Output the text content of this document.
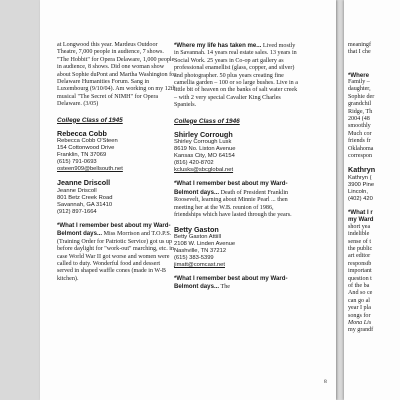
at Longwood this year. Mardeus Outdoor Theatre, 7,000 people in audience, 7 shows. "The Hobbit" for Opera Delaware, 1,000 people in audience, 8 shows. Did one woman show about Sophie duPont and Martha Washington for Delaware Humanities Forum. Sang in Luxembourg (9/10/04). Am working on my 12th musical "The Secret of NIMH" for Opera Delaware. (3/05)

College Class of 1945
Rebecca Cobb
Rebecca Cobb O'Steen
154 Cottonwood Drive
Franklin, TN 37069
(615) 791-0693
osteen909@bellsouth.net
Jeanne Driscoll
Jeanne Driscoll
801 Betz Creek Road
Savannah, GA 31410
(912) 897-1664

*What I remember best about my Ward-Belmont days... Miss Morrison and T.O.P.S. (Training Order for Patriotic Service) got us up before daylight for "work-out" marching, etc. in case World War II got worse and women were called to duty. Wonderful food and dessert served in shaped waffle cones (made in W-B kitchen).

*Where my life has taken me... Lived mostly in Savannah. 14 years real estate sales. 13 years in Social Work. 25 years in Co-op art gallery as professional enamellist (glass, copper, and silver) and photographer. 50 plus years creating fine camellia garden – 100 or so large bushes. Live in a little bit of heaven on the banks of salt water creek – with 2 very special Cavalier King Charles Spaniels.

College Class of 1946
Shirley Corrough
Shirley Corrough Lusk
8619 No. Liston Avenue
Kansas City, MO 64154
(816) 420-8702
kclusks@sbcglobal.net

*What I remember best about my Ward-Belmont days... Death of President Franklin Roosevelt, learning about Minnie Pearl ... then meeting her at the W.B. reunion of 1986, friendships which have lasted through the years.

Betty Gaston
Betty Gaston Attiill
2108 W. Linden Avenue
Nashville, TN 37212
(615) 383-5399
jimatt@comcast.net

*What I remember best about my Ward-Belmont days... The

8
meaningf
that I che
*Where
Family –
daughter,
Sophie der
grandchil
Ridge, Th
2004 (48
smoothly
Much cor
friends fr
Oklahoma
correspon
Kathryn
Kathryn (
3900 Pine
Lincoln,
(402) 420
*What I r
my Ward
short yea
indelible
sense of t
the public
art editor
responsib
important
question t
of the ba
And so ce
can go al
year I pla
songs for
Mona Lis
my grandf
